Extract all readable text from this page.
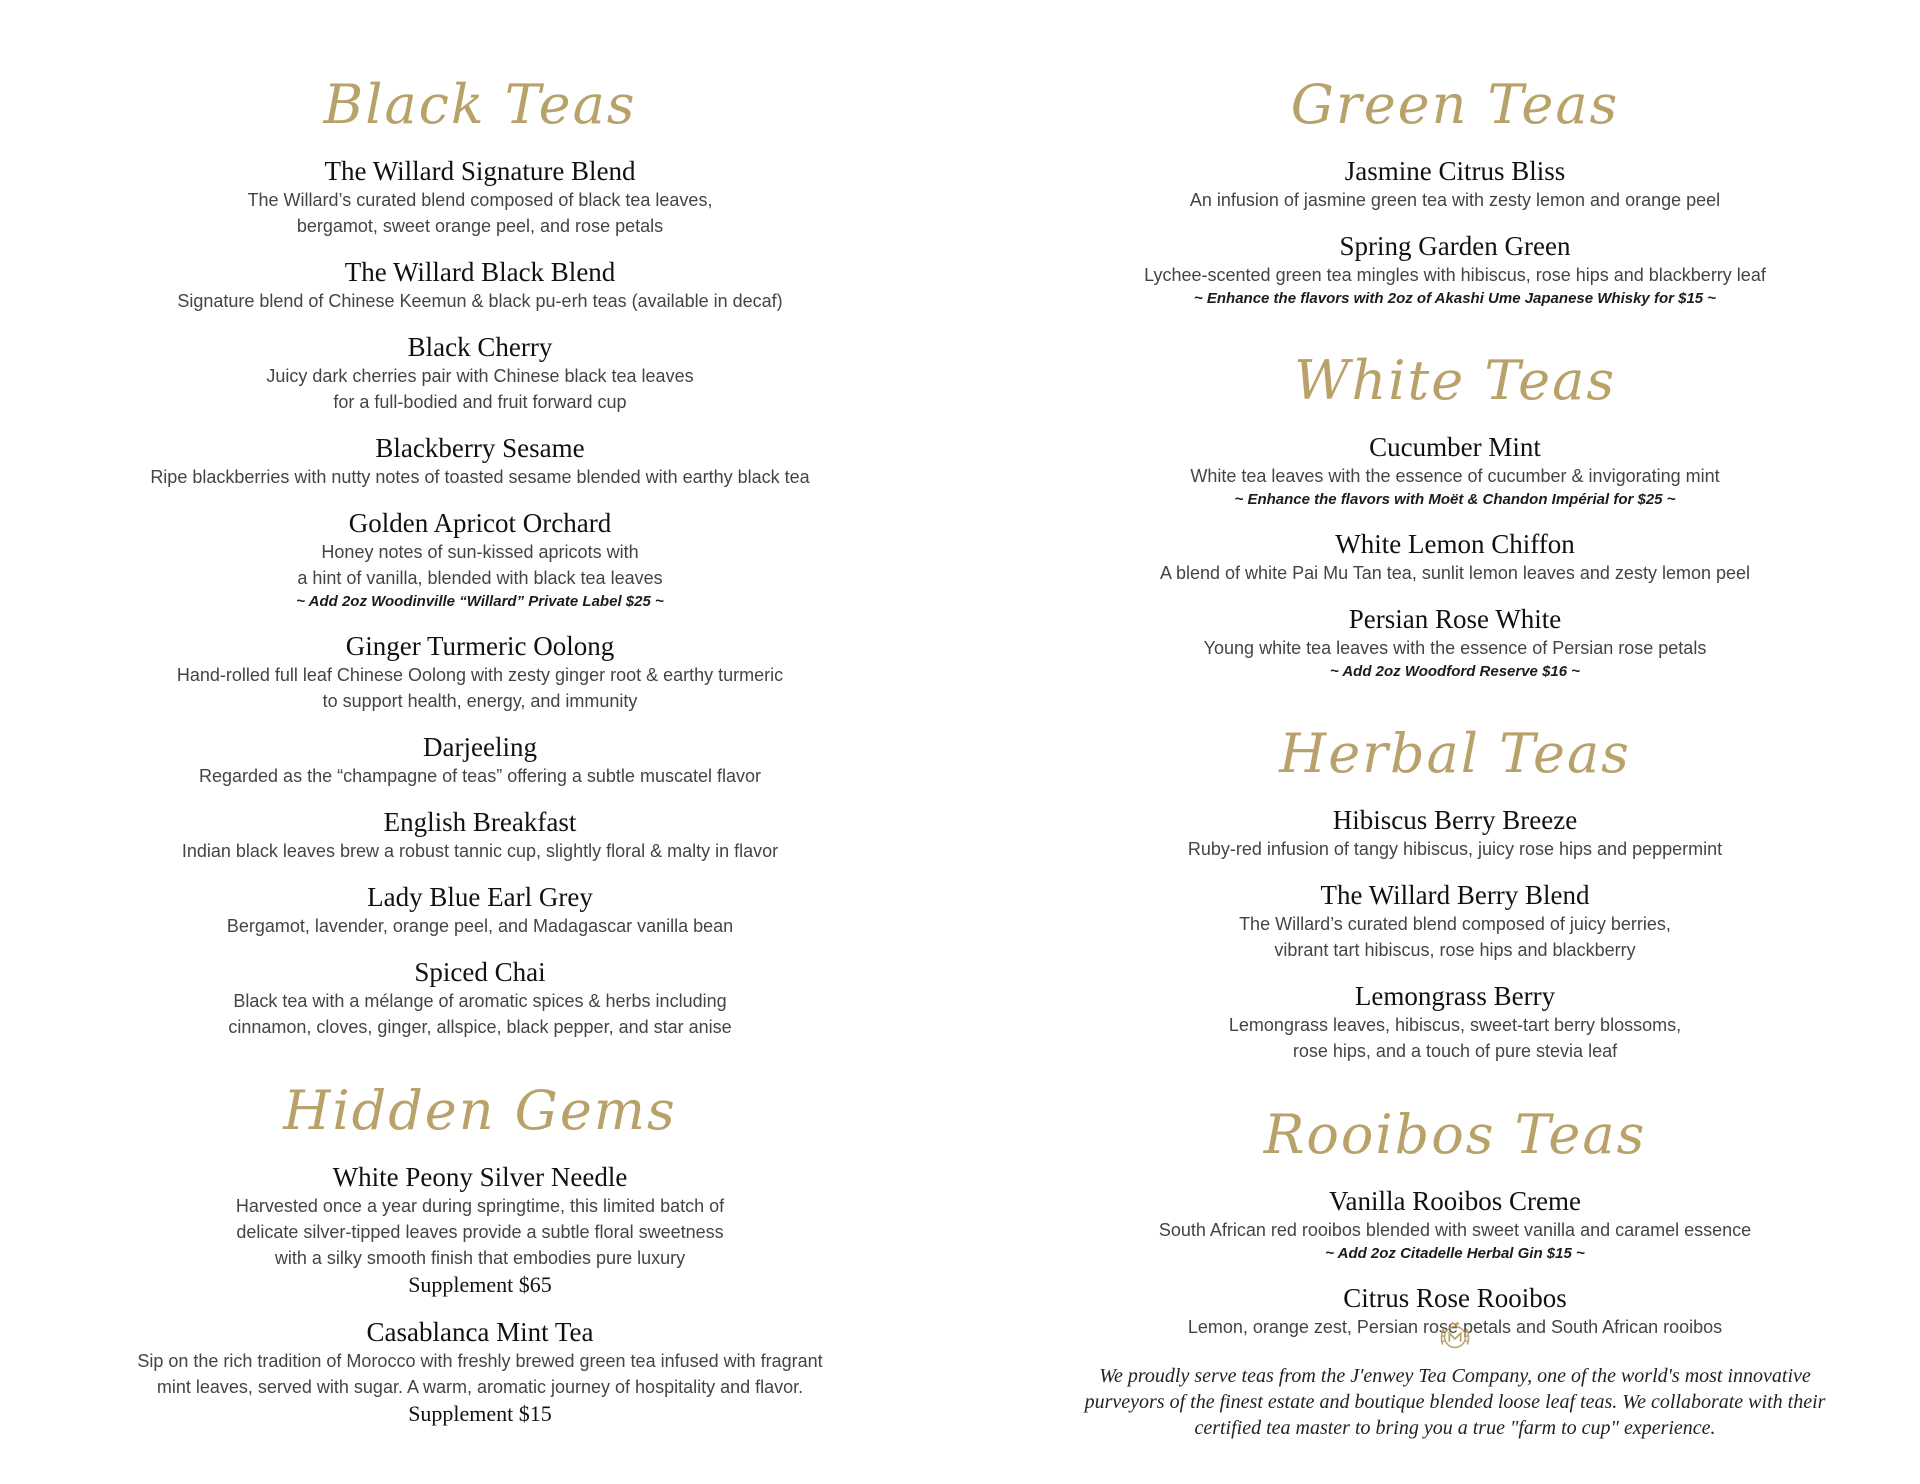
Black Teas
The Willard Signature Blend
The Willard’s curated blend composed of black tea leaves,
bergamot, sweet orange peel, and rose petals
The Willard Black Blend
Signature blend of Chinese Keemun & black pu-erh teas (available in decaf)
Black Cherry
Juicy dark cherries pair with Chinese black tea leaves
for a full-bodied and fruit forward cup
Blackberry Sesame
Ripe blackberries with nutty notes of toasted sesame blended with earthy black tea
Golden Apricot Orchard
Honey notes of sun-kissed apricots with
a hint of vanilla, blended with black tea leaves
~ Add 2oz Woodinville “Willard” Private Label $25 ~
Ginger Turmeric Oolong
Hand-rolled full leaf Chinese Oolong with zesty ginger root & earthy turmeric
to support health, energy, and immunity
Darjeeling
Regarded as the “champagne of teas” offering a subtle muscatel flavor
English Breakfast
Indian black leaves brew a robust tannic cup, slightly floral & malty in flavor
Lady Blue Earl Grey
Bergamot, lavender, orange peel, and Madagascar vanilla bean
Spiced Chai
Black tea with a mélange of aromatic spices & herbs including
cinnamon, cloves, ginger, allspice, black pepper, and star anise
Hidden Gems
White Peony Silver Needle
Harvested once a year during springtime, this limited batch of
delicate silver-tipped leaves provide a subtle floral sweetness
with a silky smooth finish that embodies pure luxury
Supplement $65
Casablanca Mint Tea
Sip on the rich tradition of Morocco with freshly brewed green tea infused with fragrant
mint leaves, served with sugar. A warm, aromatic journey of hospitality and flavor.
Supplement $15
Green Teas
Jasmine Citrus Bliss
An infusion of jasmine green tea with zesty lemon and orange peel
Spring Garden Green
Lychee-scented green tea mingles with hibiscus, rose hips and blackberry leaf
~ Enhance the flavors with 2oz of Akashi Ume Japanese Whisky for $15 ~
White Teas
Cucumber Mint
White tea leaves with the essence of cucumber & invigorating mint
~ Enhance the flavors with Moët & Chandon Impérial for $25 ~
White Lemon Chiffon
A blend of white Pai Mu Tan tea, sunlit lemon leaves and zesty lemon peel
Persian Rose White
Young white tea leaves with the essence of Persian rose petals
~ Add 2oz Woodford Reserve $16 ~
Herbal Teas
Hibiscus Berry Breeze
Ruby-red infusion of tangy hibiscus, juicy rose hips and peppermint
The Willard Berry Blend
The Willard’s curated blend composed of juicy berries,
vibrant tart hibiscus, rose hips and blackberry
Lemongrass Berry
Lemongrass leaves, hibiscus, sweet-tart berry blossoms,
rose hips, and a touch of pure stevia leaf
Rooibos Teas
Vanilla Rooibos Creme
South African red rooibos blended with sweet vanilla and caramel essence
~ Add 2oz Citadelle Herbal Gin $15 ~
Citrus Rose Rooibos
Lemon, orange zest, Persian rose petals and South African rooibos

We proudly serve teas from the J'enwey Tea Company, one of the world's most innovative
purveyors of the finest estate and boutique blended loose leaf teas. We collaborate with their
certified tea master to bring you a true "farm to cup" experience.
